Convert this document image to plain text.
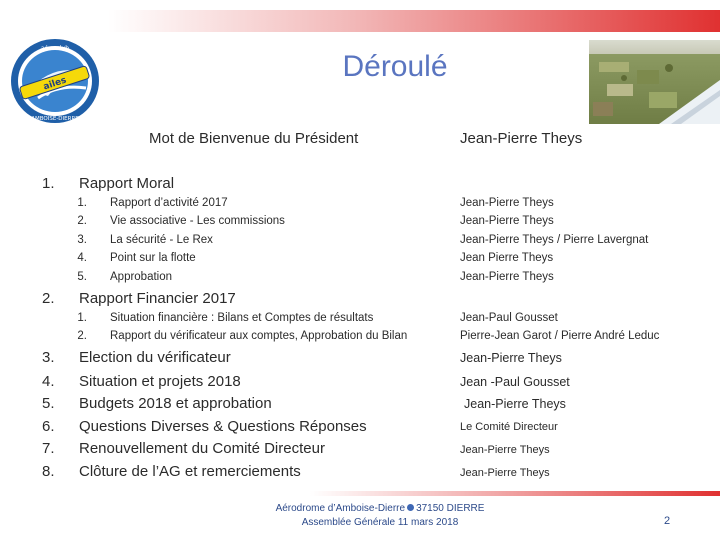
ailes
aéro-club
AMBOISE-DIERRE
Déroulé
Mot de Bienvenue du Président	Jean-Pierre Theys
1. Rapport Moral
1. Rapport d’activité 2017	Jean-Pierre Theys
2. Vie associative - Les commissions	Jean-Pierre Theys
3. La sécurité - Le Rex	Jean-Pierre Theys / Pierre Lavergnat
4. Point sur la flotte	Jean Pierre Theys
5. Approbation	Jean-Pierre Theys
2. Rapport Financier 2017
1. Situation financière : Bilans et Comptes de résultats	Jean-Paul Gousset
2. Rapport du vérificateur aux comptes, Approbation du Bilan	Pierre-Jean Garot / Pierre André Leduc
3. Election du vérificateur	Jean-Pierre Theys
4. Situation et projets 2018	Jean -Paul Gousset
5. Budgets 2018 et approbation	Jean-Pierre Theys
6. Questions Diverses & Questions Réponses	Le Comité Directeur
7. Renouvellement du Comité Directeur	Jean-Pierre Theys
8. Clôture de l’AG et remerciements	Jean-Pierre Theys
Aérodrome d’Amboise-Dierre 37150 DIERRE
Assemblée Générale 11 mars 2018	2
